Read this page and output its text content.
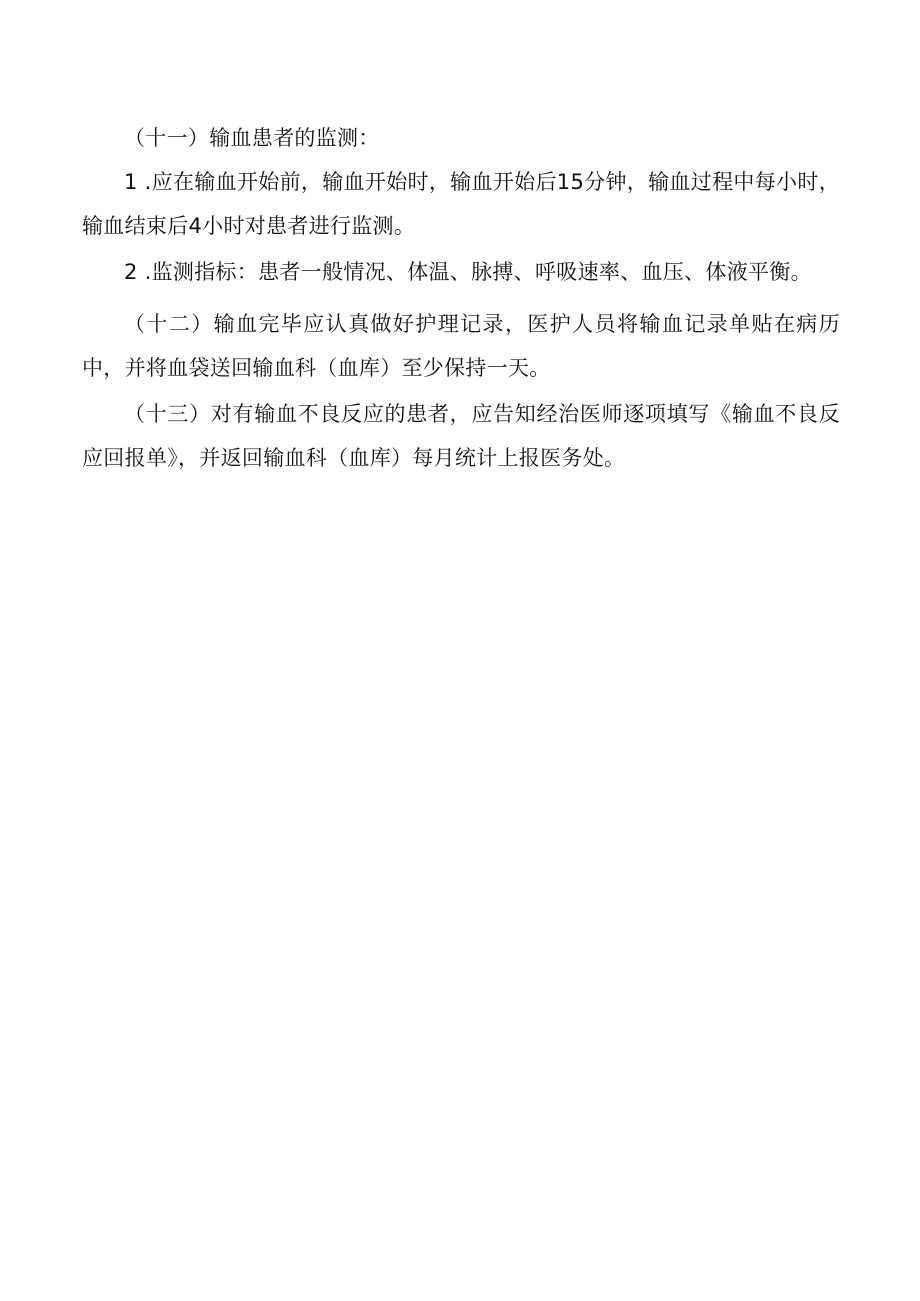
（十一）输血患者的监测：

1 .应在输血开始前，输血开始时，输血开始后15分钟，输血过程中每小时，输血结束后4小时对患者进行监测。

2 .监测指标：患者一般情况、体温、脉搏、呼吸速率、血压、体液平衡。

（十二）输血完毕应认真做好护理记录，医护人员将输血记录单贴在病历中，并将血袋送回输血科（血库）至少保持一天。

（十三）对有输血不良反应的患者，应告知经治医师逐项填写《输血不良反应回报单》，并返回输血科（血库）每月统计上报医务处。
